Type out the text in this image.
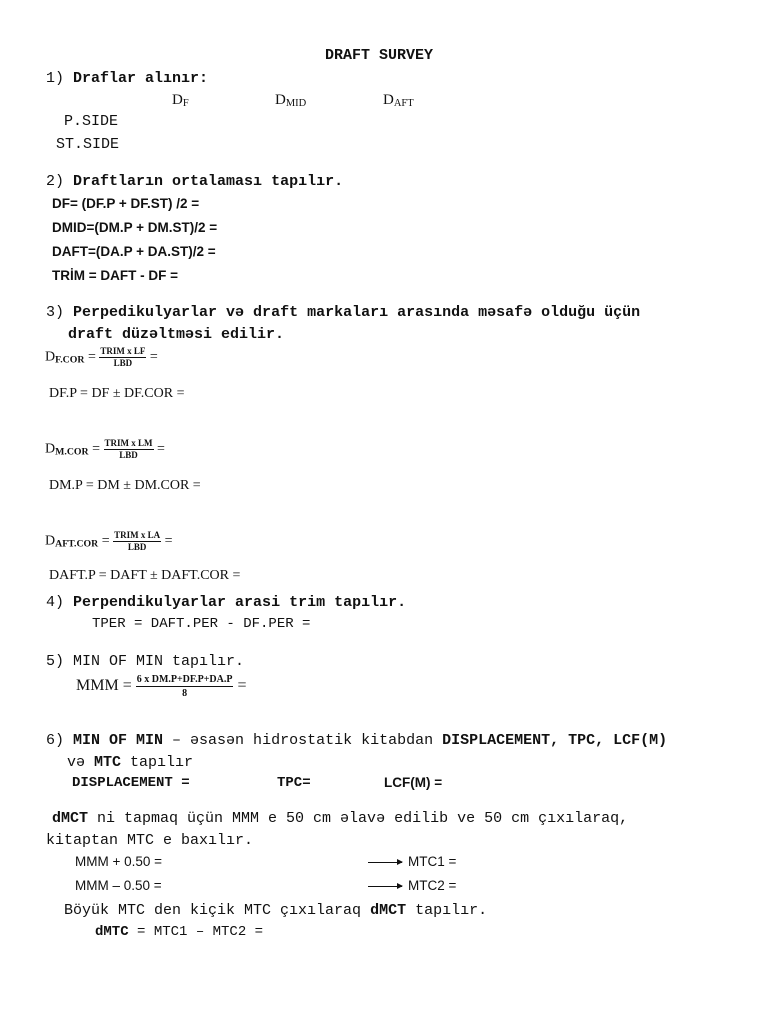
DRAFT SURVEY
1) Draflar alınır:
$D_F$	$D_{MID}$	$D_{AFT}$
P.SIDE
ST.SIDE
2) Draftların ortalaması tapılır.
DF= (DF.P + DF.ST) /2 =
DMID=(DM.P + DM.ST)/2 =
DAFT=(DA.P + DA.ST)/2 =
TRİM = DAFT - DF =
3) Perpedikulyarlar və draft markaları arasında məsafə olduğu üçün
draft düzəltməsi edilir.
$D_{F.COR} = \frac{\text{TRIM x LF}}{\text{LBD}}$ =
DF.P = DF ± DF.COR =
$D_{M.COR} = \frac{\text{TRIM x LM}}{\text{LBD}}$ =
DM.P = DM ± DM.COR =
$D_{AFT.COR} = \frac{\text{TRIM x LA}}{\text{LBD}}$ =
DAFT.P = DAFT ± DAFT.COR =
4) Perpendikulyarlar arasi trim tapılır.
TPER = DAFT.PER - DF.PER =
5) MIN OF MIN tapılır.
MMM = $\frac{\text{6 x DM.P+DF.P+DA.P}}{8}$ =
6) MIN OF MIN – əsasən hidrostatik kitabdan DISPLACEMENT, TPC, LCF(M)
və MTC tapılır
DISPLACEMENT =	TPC=	LCF(M) =
dMCT ni tapmaq üçün MMM e 50 cm əlavə edilib ve 50 cm çıxılaraq,
kitaptan MTC e baxılır.
MMM + 0.50 =	MTC1 =
MMM – 0.50 =	MTC2 =
Böyük MTC den kiçik MTC çıxılaraq dMCT tapılır.
dMTC = MTC1 – MTC2 =
